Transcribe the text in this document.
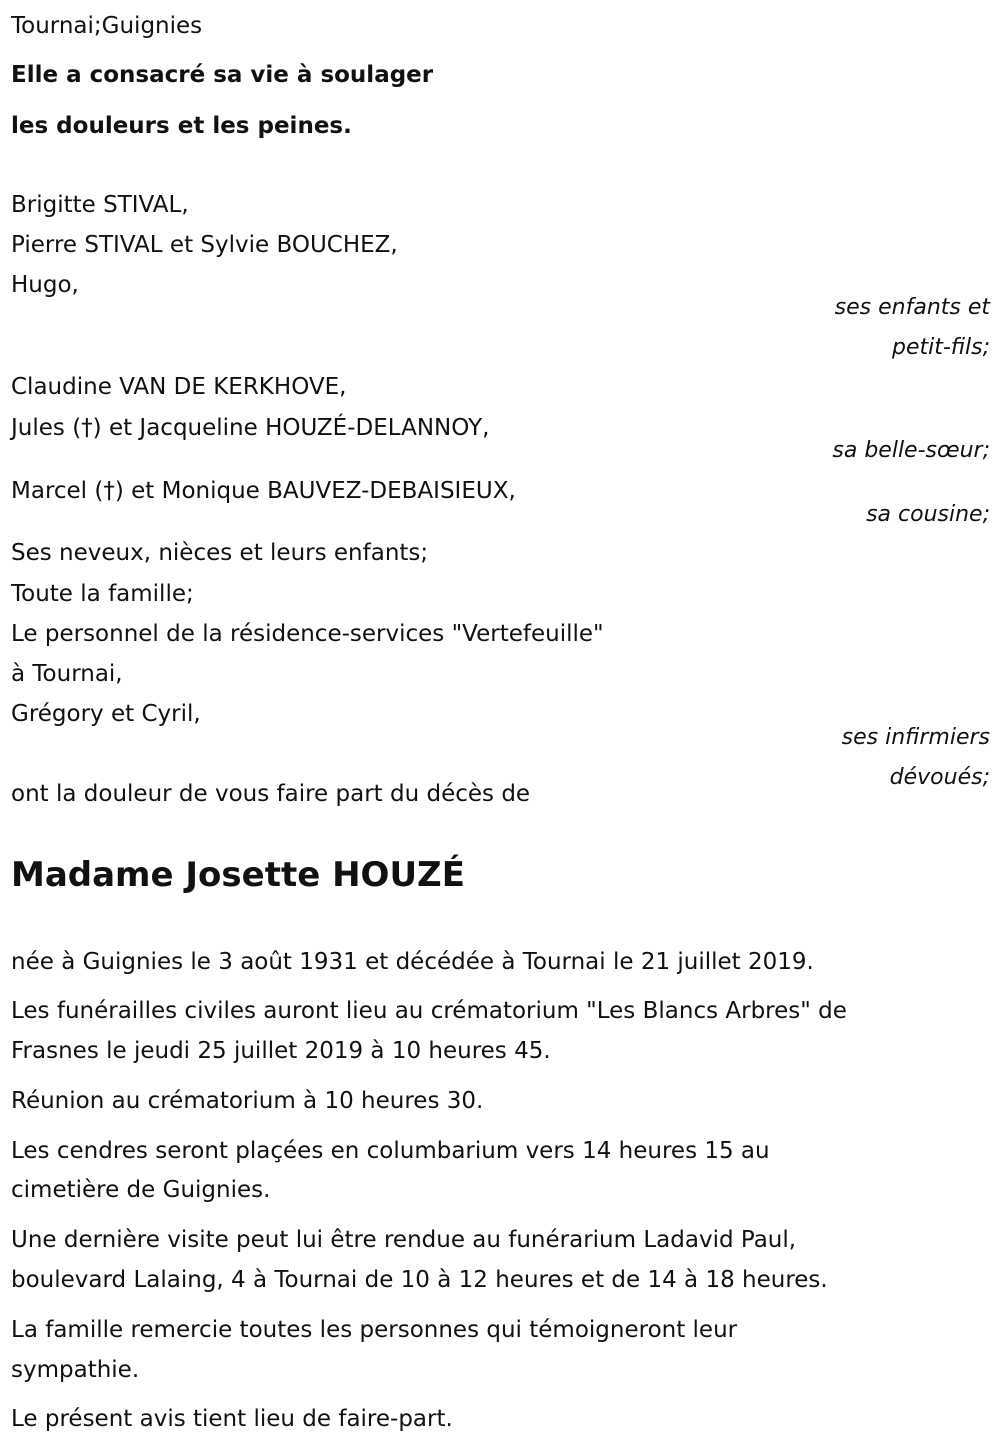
Tournai;Guignies
Elle a consacré sa vie à soulager
les douleurs et les peines.
Brigitte STIVAL,
Pierre STIVAL et Sylvie BOUCHEZ,
Hugo,
ses enfants et
petit-fils;
Claudine VAN DE KERKHOVE,
Jules (†) et Jacqueline HOUZÉ-DELANNOY,
sa belle-sœur;
Marcel (†) et Monique BAUVEZ-DEBAISIEUX,
sa cousine;
Ses neveux, nièces et leurs enfants;
Toute la famille;
Le personnel de la résidence-services "Vertefeuille"
à Tournai,
Grégory et Cyril,
ses infirmiers
dévoués;
ont la douleur de vous faire part du décès de
Madame Josette HOUZÉ
née à Guignies le 3 août 1931 et décédée à Tournai le 21 juillet 2019.
Les funérailles civiles auront lieu au crématorium "Les Blancs Arbres" de
Frasnes le jeudi 25 juillet 2019 à 10 heures 45.
Réunion au crématorium à 10 heures 30.
Les cendres seront plaçées en columbarium vers 14 heures 15 au
cimetière de Guignies.
Une dernière visite peut lui être rendue au funérarium Ladavid Paul,
boulevard Lalaing, 4 à Tournai de 10 à 12 heures et de 14 à 18 heures.
La famille remercie toutes les personnes qui témoigneront leur
sympathie.
Le présent avis tient lieu de faire-part.
